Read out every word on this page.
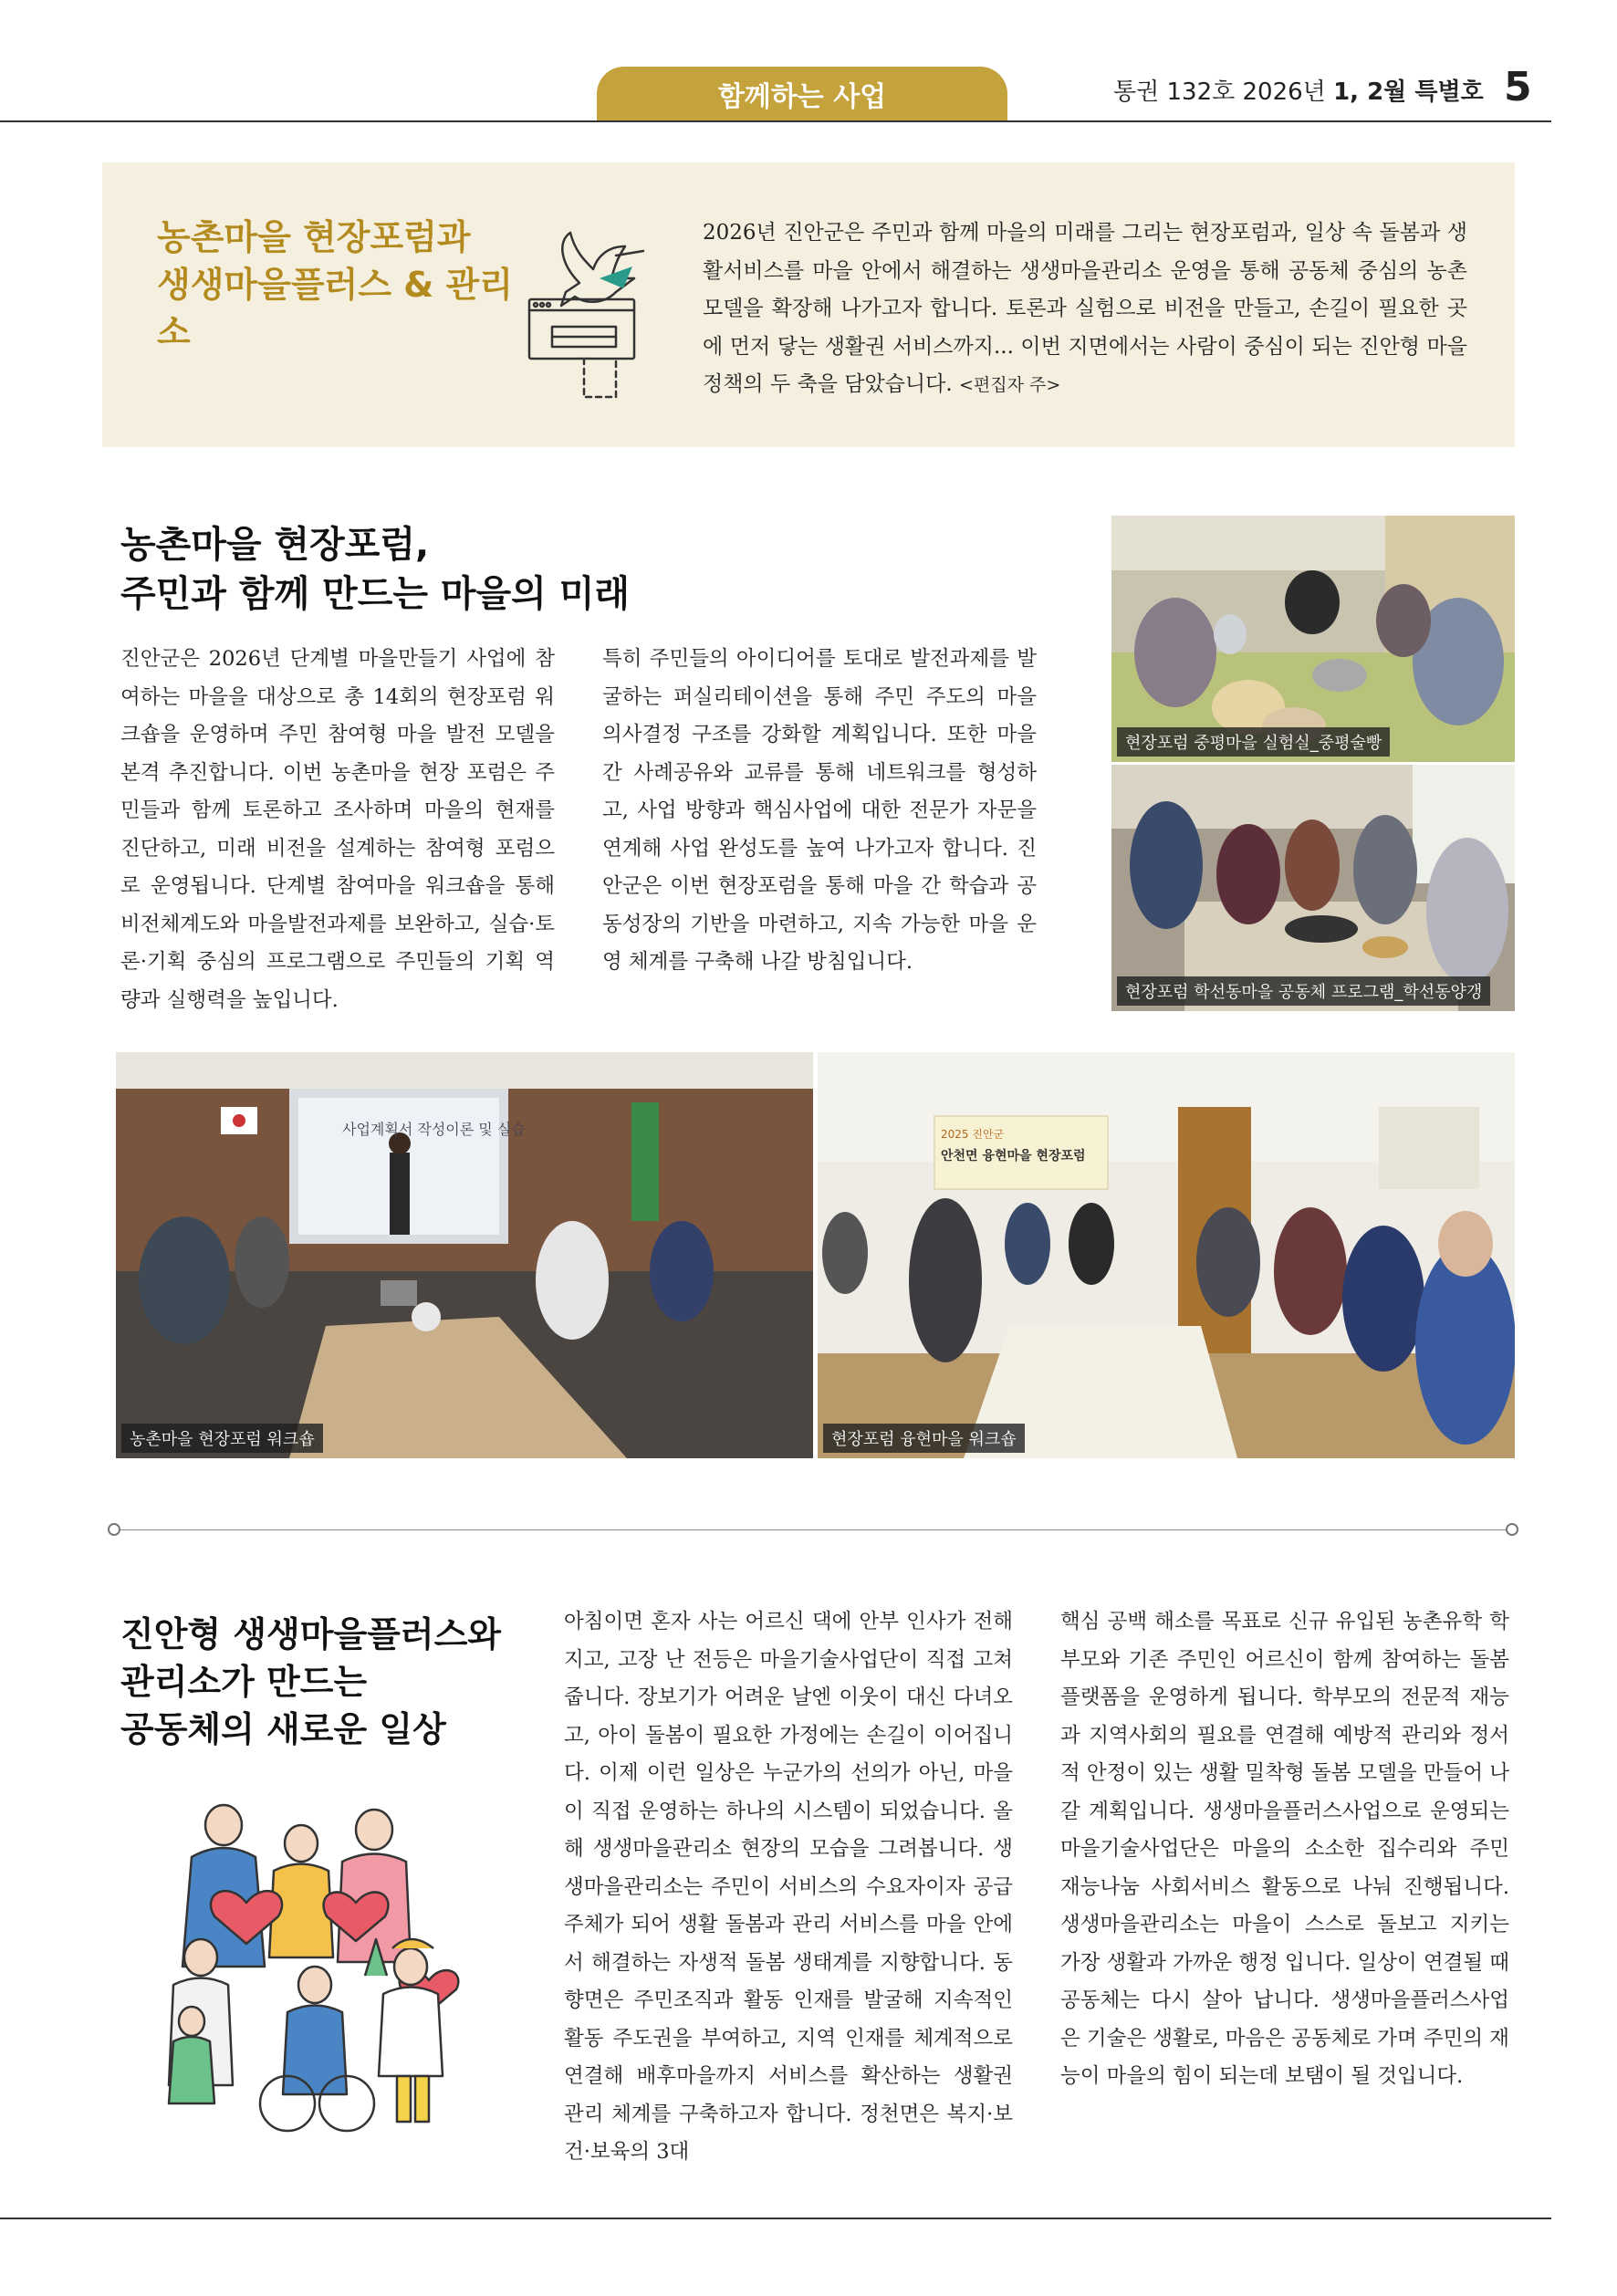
함께하는 사업	통권 132호 2026년 1, 2월 특별호 5
농촌마을 현장포럼과
생생마을플러스 & 관리소
2026년 진안군은 주민과 함께 마을의 미래를 그리는 현장포럼과, 일상 속 돌봄과 생활서비스를 마을 안에서 해결하는 생생마을관리소 운영을 통해 공동체 중심의 농촌 모델을 확장해 나가고자 합니다. 토론과 실험으로 비전을 만들고, 손길이 필요한 곳에 먼저 닿는 생활권 서비스까지... 이번 지면에서는 사람이 중심이 되는 진안형 마을정책의 두 축을 담았습니다. <편집자 주>
농촌마을 현장포럼,
주민과 함께 만드는 마을의 미래
진안군은 2026년 단계별 마을만들기 사업에 참여하는 마을을 대상으로 총 14회의 현장포럼 워크숍을 운영하며 주민 참여형 마을 발전 모델을 본격 추진합니다. 이번 농촌마을 현장 포럼은 주민들과 함께 토론하고 조사하며 마을의 현재를 진단하고, 미래 비전을 설계하는 참여형 포럼으로 운영됩니다. 단계별 참여마을 워크숍을 통해 비전체계도와 마을발전과제를 보완하고, 실습·토론·기획 중심의 프로그램으로 주민들의 기획 역량과 실행력을 높입니다.
특히 주민들의 아이디어를 토대로 발전과제를 발굴하는 퍼실리테이션을 통해 주민 주도의 마을 의사결정 구조를 강화할 계획입니다. 또한 마을 간 사례공유와 교류를 통해 네트워크를 형성하고, 사업 방향과 핵심사업에 대한 전문가 자문을 연계해 사업 완성도를 높여 나가고자 합니다. 진안군은 이번 현장포럼을 통해 마을 간 학습과 공동성장의 기반을 마련하고, 지속 가능한 마을 운영 체계를 구축해 나갈 방침입니다.
현장포럼 중평마을 실험실_중평술빵
현장포럼 학선동마을 공동체 프로그램_학선동양갱
사업계획서 작성이론 및 실습
농촌마을 현장포럼 워크숍
2025 진안군
안천면 융현마을 현장포럼
현장포럼 융현마을 워크숍
진안형 생생마을플러스와
관리소가 만드는
공동체의 새로운 일상
아침이면 혼자 사는 어르신 댁에 안부 인사가 전해지고, 고장 난 전등은 마을기술사업단이 직접 고쳐줍니다. 장보기가 어려운 날엔 이웃이 대신 다녀오고, 아이 돌봄이 필요한 가정에는 손길이 이어집니다. 이제 이런 일상은 누군가의 선의가 아닌, 마을이 직접 운영하는 하나의 시스템이 되었습니다. 올해 생생마을관리소 현장의 모습을 그려봅니다. 생생마을관리소는 주민이 서비스의 수요자이자 공급 주체가 되어 생활 돌봄과 관리 서비스를 마을 안에서 해결하는 자생적 돌봄 생태계를 지향합니다. 동향면은 주민조직과 활동 인재를 발굴해 지속적인 활동 주도권을 부여하고, 지역 인재를 체계적으로 연결해 배후마을까지 서비스를 확산하는 생활권 관리 체계를 구축하고자 합니다. 정천면은 복지·보건·보육의 3대
핵심 공백 해소를 목표로 신규 유입된 농촌유학 학부모와 기존 주민인 어르신이 함께 참여하는 돌봄 플랫폼을 운영하게 됩니다. 학부모의 전문적 재능과 지역사회의 필요를 연결해 예방적 관리와 정서적 안정이 있는 생활 밀착형 돌봄 모델을 만들어 나갈 계획입니다. 생생마을플러스사업으로 운영되는 마을기술사업단은 마을의 소소한 집수리와 주민 재능나눔 사회서비스 활동으로 나눠 진행됩니다. 생생마을관리소는 마을이 스스로 돌보고 지키는 가장 생활과 가까운 행정 입니다. 일상이 연결될 때 공동체는 다시 살아 납니다. 생생마을플러스사업은 기술은 생활로, 마음은 공동체로 가며 주민의 재능이 마을의 힘이 되는데 보탬이 될 것입니다.
